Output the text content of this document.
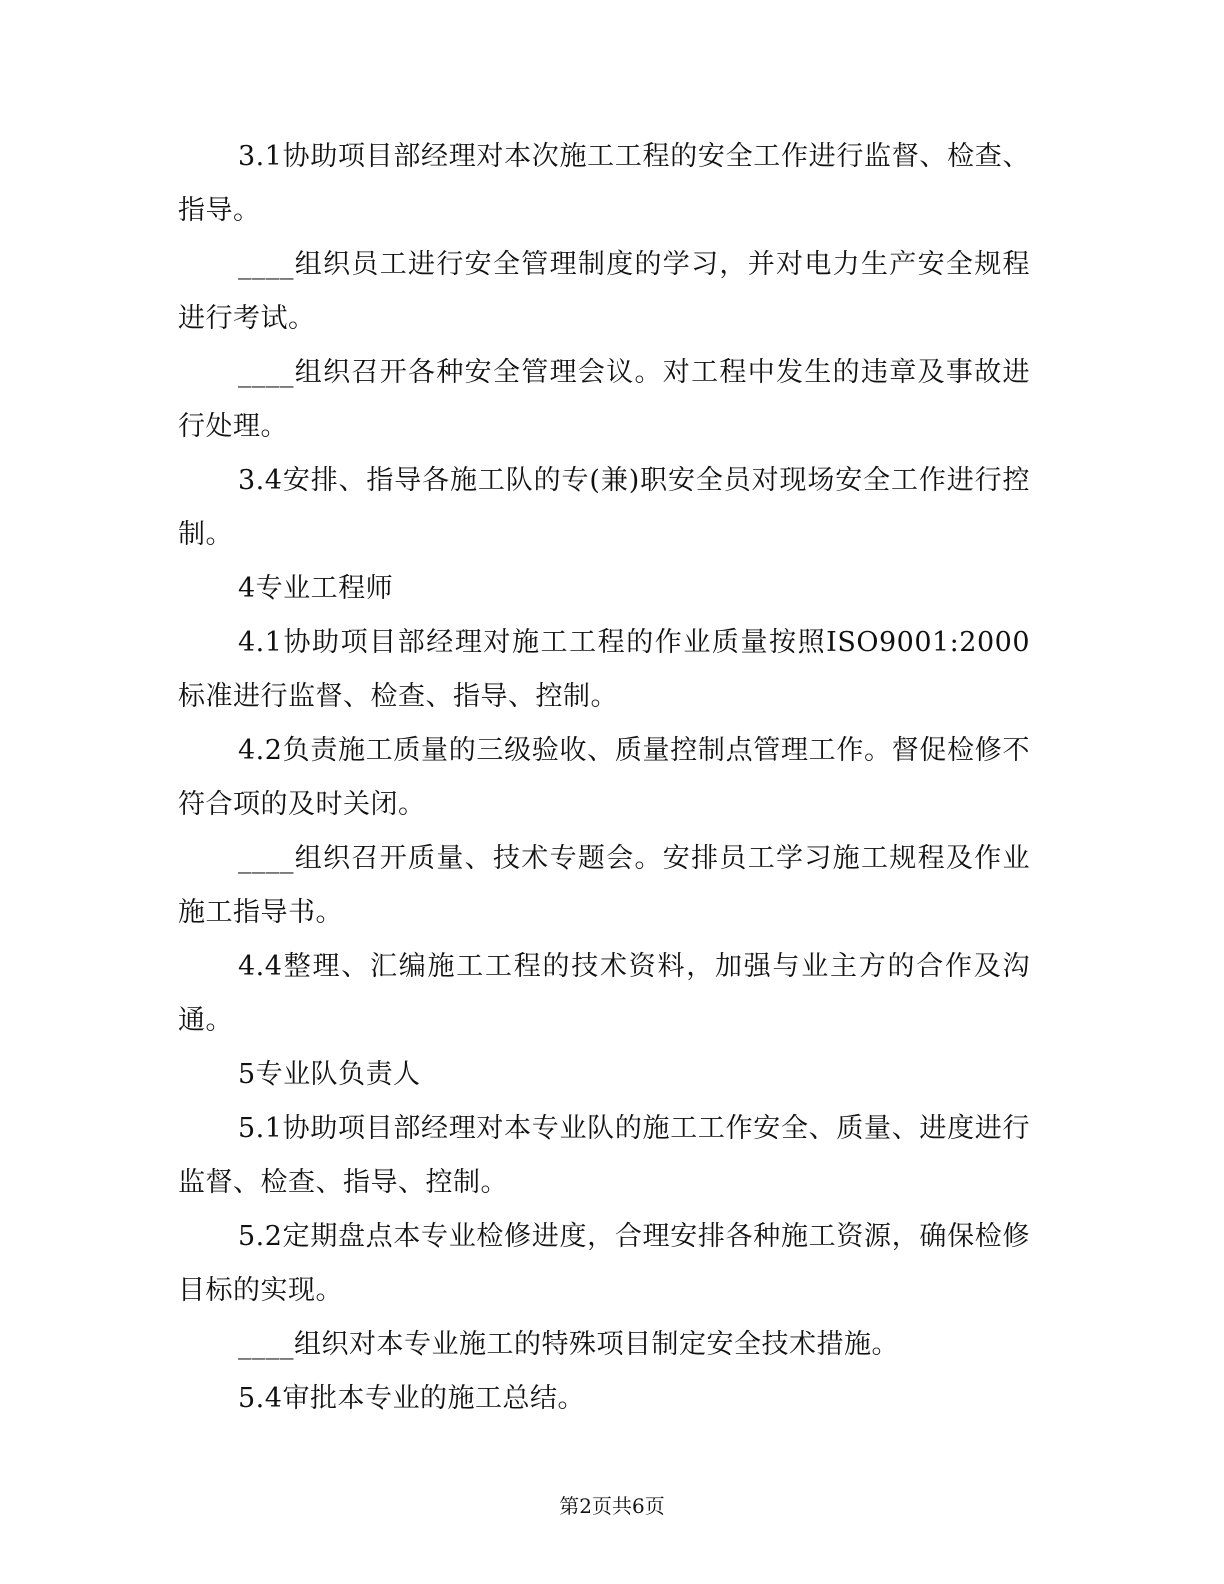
3.1协助项目部经理对本次施工工程的安全工作进行监督、检查、指导。

____组织员工进行安全管理制度的学习，并对电力生产安全规程进行考试。

____组织召开各种安全管理会议。对工程中发生的违章及事故进行处理。

3.4安排、指导各施工队的专(兼)职安全员对现场安全工作进行控制。

4专业工程师

4.1协助项目部经理对施工工程的作业质量按照ISO9001:2000标准进行监督、检查、指导、控制。

4.2负责施工质量的三级验收、质量控制点管理工作。督促检修不符合项的及时关闭。

____组织召开质量、技术专题会。安排员工学习施工规程及作业施工指导书。

4.4整理、汇编施工工程的技术资料，加强与业主方的合作及沟通。

5专业队负责人

5.1协助项目部经理对本专业队的施工工作安全、质量、进度进行监督、检查、指导、控制。

5.2定期盘点本专业检修进度，合理安排各种施工资源，确保检修目标的实现。

____组织对本专业施工的特殊项目制定安全技术措施。

5.4审批本专业的施工总结。

第2页共6页
